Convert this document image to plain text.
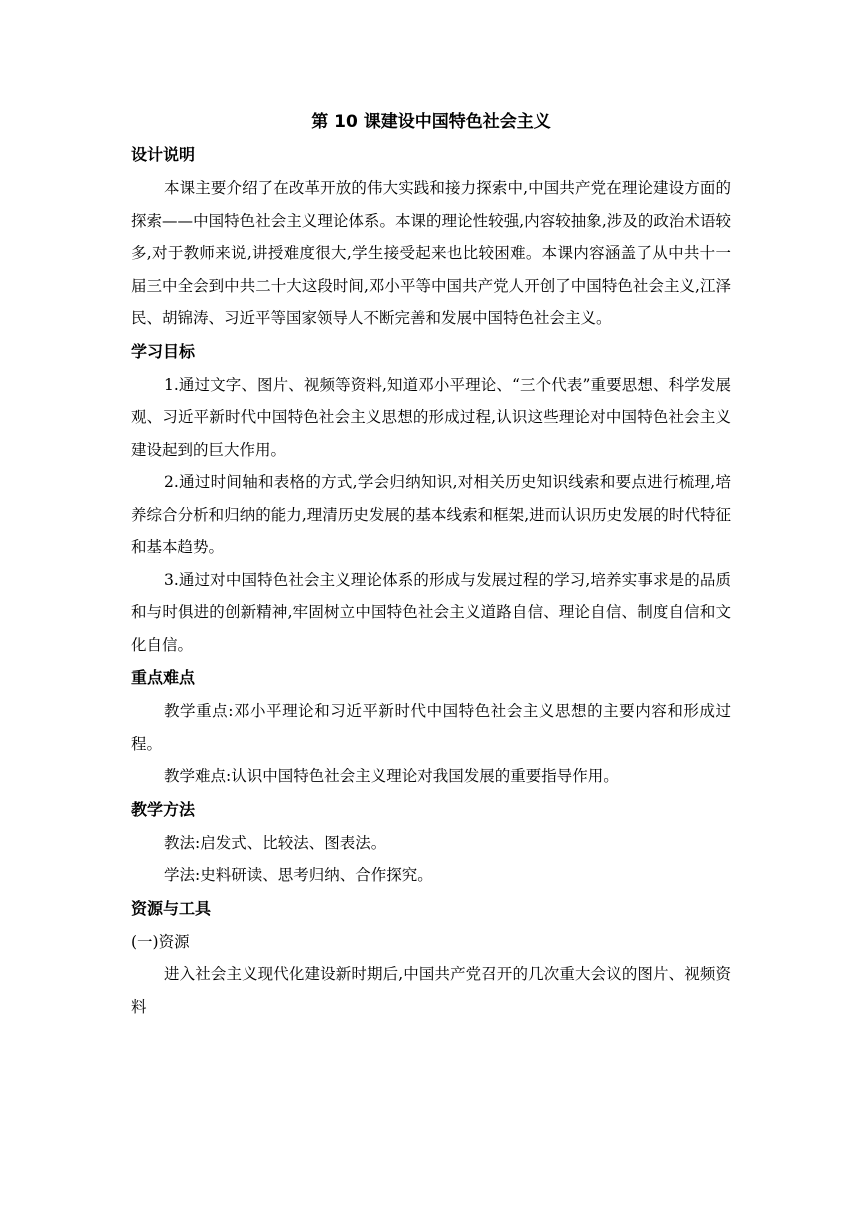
第 10 课建设中国特色社会主义
设计说明

本课主要介绍了在改革开放的伟大实践和接力探索中,中国共产党在理论建设方面的探索——中国特色社会主义理论体系。本课的理论性较强,内容较抽象,涉及的政治术语较多,对于教师来说,讲授难度很大,学生接受起来也比较困难。本课内容涵盖了从中共十一届三中全会到中共二十大这段时间,邓小平等中国共产党人开创了中国特色社会主义,江泽民、胡锦涛、习近平等国家领导人不断完善和发展中国特色社会主义。

学习目标

1.通过文字、图片、视频等资料,知道邓小平理论、“三个代表”重要思想、科学发展观、习近平新时代中国特色社会主义思想的形成过程,认识这些理论对中国特色社会主义建设起到的巨大作用。

2.通过时间轴和表格的方式,学会归纳知识,对相关历史知识线索和要点进行梳理,培养综合分析和归纳的能力,理清历史发展的基本线索和框架,进而认识历史发展的时代特征和基本趋势。

3.通过对中国特色社会主义理论体系的形成与发展过程的学习,培养实事求是的品质和与时俱进的创新精神,牢固树立中国特色社会主义道路自信、理论自信、制度自信和文化自信。

重点难点

教学重点:邓小平理论和习近平新时代中国特色社会主义思想的主要内容和形成过程。

教学难点:认识中国特色社会主义理论对我国发展的重要指导作用。

教学方法

教法:启发式、比较法、图表法。

学法:史料研读、思考归纳、合作探究。

资源与工具

(一)资源

进入社会主义现代化建设新时期后,中国共产党召开的几次重大会议的图片、视频资料
